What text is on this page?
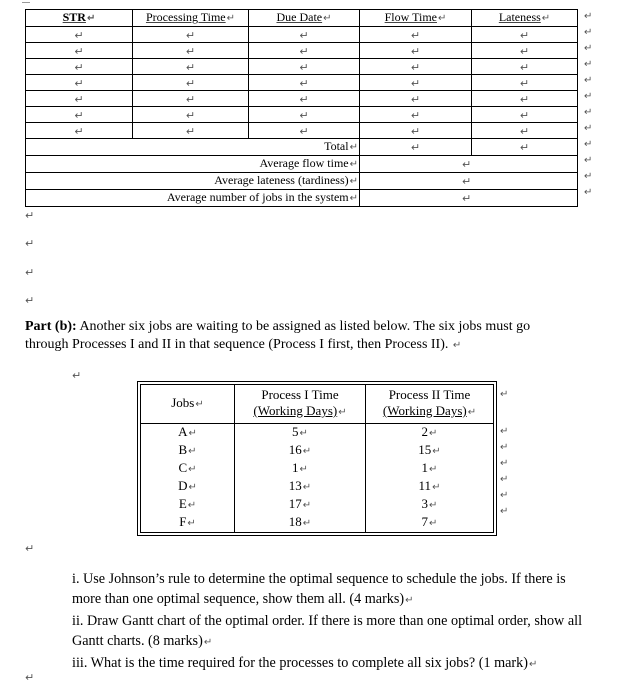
STR↵	Processing Time↵	Due Date↵	Flow Time↵	Lateness↵
↵	↵	↵	↵	↵
↵	↵	↵	↵	↵
↵	↵	↵	↵	↵
↵	↵	↵	↵	↵
↵	↵	↵	↵	↵
↵	↵	↵	↵	↵
↵	↵	↵	↵	↵
Total↵			↵	↵
Average flow time↵			↵	
Average lateness (tardiness)↵			↵	
Average number of jobs in the system↵			↵	
↵
↵
↵
↵
↵
↵
↵
↵
↵
↵
↵
↵
↵
↵
↵
↵
Part (b): Another six jobs are waiting to be assigned as listed below. The six jobs must go through Processes I and II in that sequence (Process I first, then Process II). ↵
↵
Jobs↵	Process I Time
(Working Days)↵	Process II Time
(Working Days)↵
A↵	5↵	2↵
B↵	16↵	15↵
C↵	1↵	1↵
D↵	13↵	11↵
E↵	17↵	3↵
F↵	18↵	7↵
↵
↵
↵
↵
↵
↵
↵
↵
i. Use Johnson’s rule to determine the optimal sequence to schedule the jobs. If there is more than one optimal sequence, show them all. (4 marks)↵
ii. Draw Gantt chart of the optimal order. If there is more than one optimal order, show all Gantt charts. (8 marks)↵
iii. What is the time required for the processes to complete all six jobs? (1 mark)↵
↵
